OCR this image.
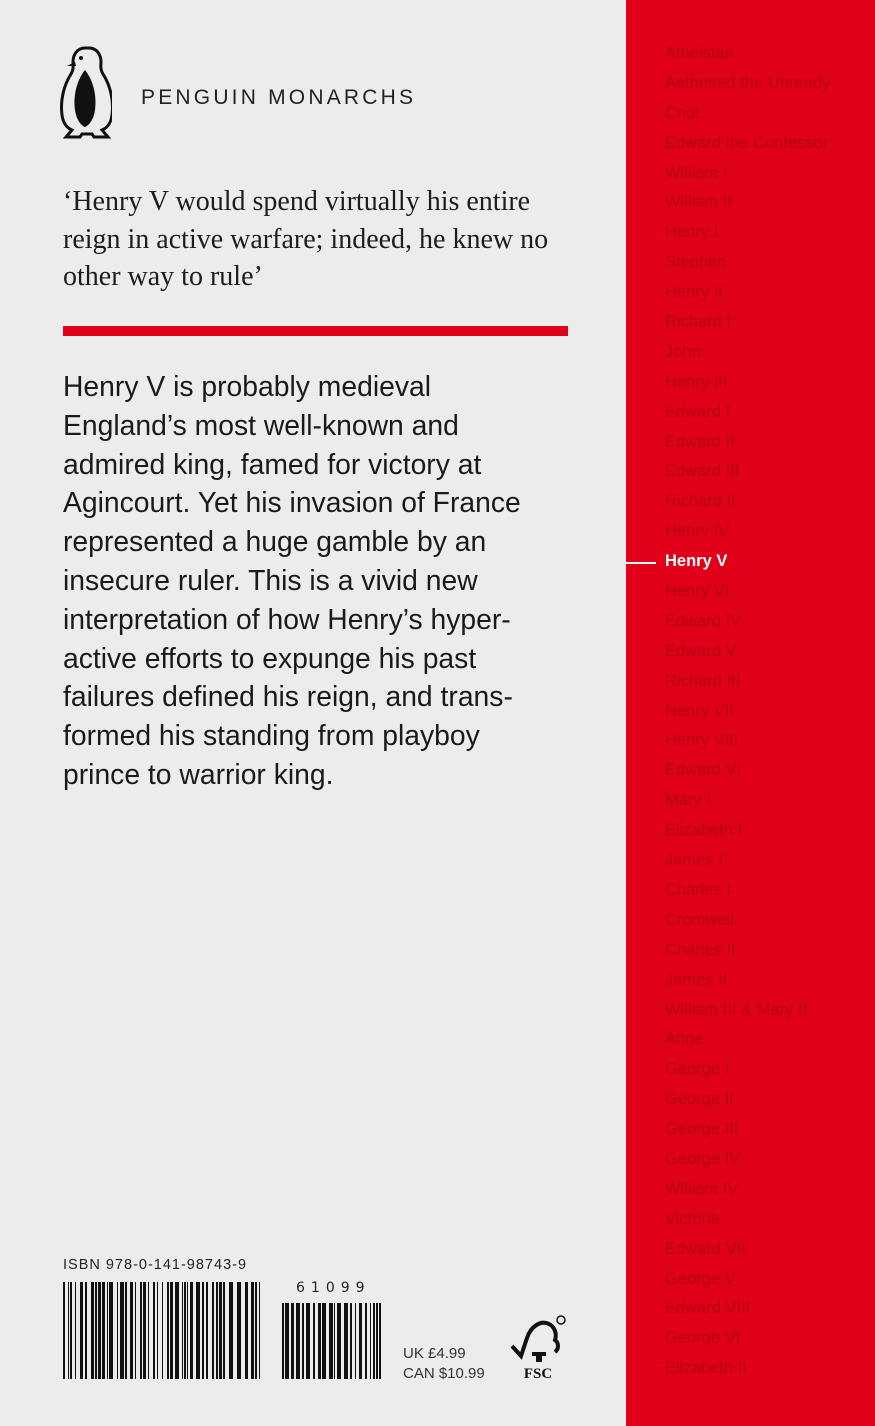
PENGUIN MONARCHS
‘Henry V would spend virtually his entire reign in active warfare; indeed, he knew no other way to rule’

Henry V is probably medieval

England’s most well-known and

admired king, famed for victory at

Agincourt. Yet his invasion of France

represented a huge gamble by an

insecure ruler. This is a vivid new

interpretation of how Henry’s hyper-

active efforts to expunge his past

failures defined his reign, and trans-

formed his standing from playboy

prince to warrior king.

Athelstan
Aethelred the Unready
Cnut
Edward the Confessor
William I
William II
Henry I
Stephen
Henry II
Richard I
John
Henry III
Edward I
Edward II
Edward III
Richard II
Henry IV
Henry V
Henry VI
Edward IV
Edward V
Richard III
Henry VII
Henry VIII
Edward VI
Mary I
Elizabeth I
James I
Charles I
Cromwell
Charles II
James II
William III & Mary II
Anne
George I
George II
George III
George IV
William IV
Victoria
Edward VII
George V
Edward VIII
George VI
Elizabeth II
ISBN 978-0-141-98743-9
61099
UK £4.99
CAN $10.99	FSC
